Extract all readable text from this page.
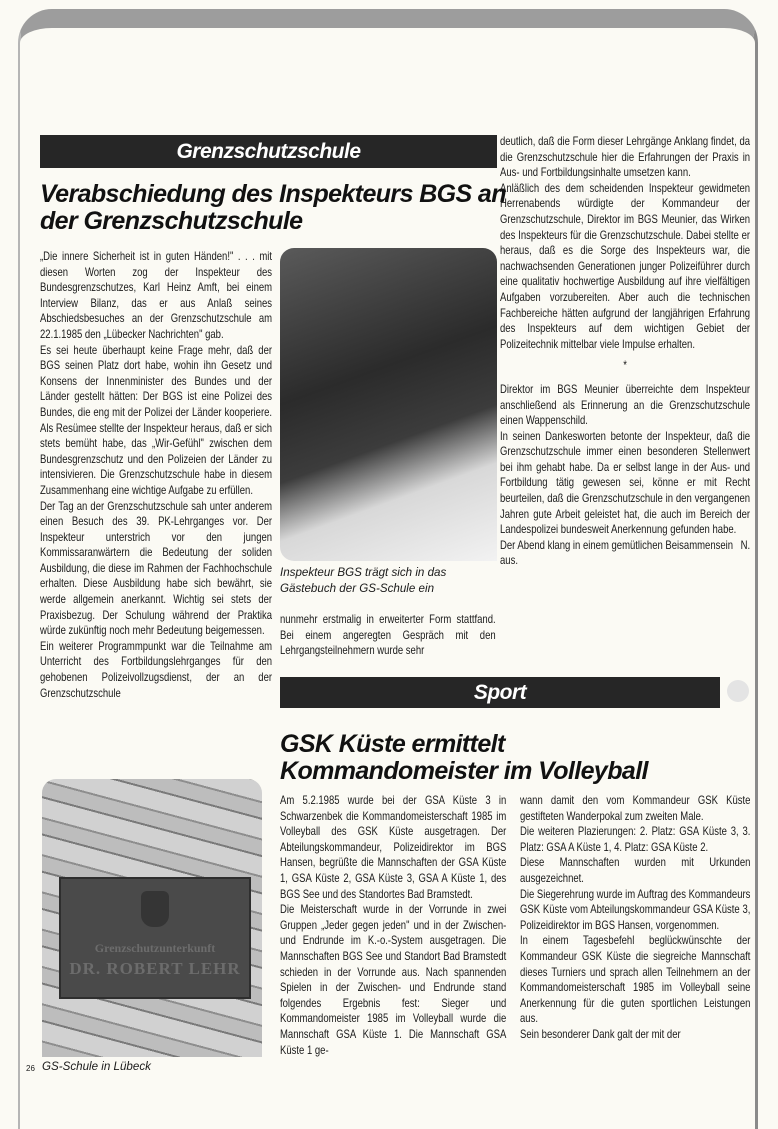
Grenzschutzschule
Verabschiedung des Inspekteurs BGS an der Grenzschutzschule

„Die innere Sicherheit ist in guten Händen!" . . . mit diesen Worten zog der Inspekteur des Bundesgrenzschutzes, Karl Heinz Amft, bei einem Interview Bilanz, das er aus Anlaß seines Abschiedsbesuches an der Grenzschutzschule am 22.1.1985 den „Lübecker Nachrichten" gab.

Es sei heute überhaupt keine Frage mehr, daß der BGS seinen Platz dort habe, wohin ihn Gesetz und Konsens der Innenminister des Bundes und der Länder gestellt hätten: Der BGS ist eine Polizei des Bundes, die eng mit der Polizei der Länder kooperiere. Als Resümee stellte der Inspekteur heraus, daß er sich stets bemüht habe, das „Wir-Gefühl" zwischen dem Bundesgrenzschutz und den Polizeien der Länder zu intensivieren. Die Grenzschutzschule habe in diesem Zusammenhang eine wichtige Aufgabe zu erfüllen.

Der Tag an der Grenzschutzschule sah unter anderem einen Besuch des 39. PK-Lehrganges vor. Der Inspekteur unterstrich vor den jungen Kommissaranwärtern die Bedeutung der soliden Ausbildung, die diese im Rahmen der Fachhochschule erhalten. Diese Ausbildung habe sich bewährt, sie werde allgemein anerkannt. Wichtig sei stets der Praxisbezug. Der Schulung während der Praktika würde zukünftig noch mehr Bedeutung beigemessen.

Ein weiterer Programmpunkt war die Teilnahme am Unterricht des Fortbildungslehrganges für den gehobenen Polizeivollzugsdienst, der an der Grenzschutzschule

Inspekteur BGS trägt sich in das Gästebuch der GS-Schule ein

nunmehr erstmalig in erweiterter Form stattfand. Bei einem angeregten Gespräch mit den Lehrgangsteilnehmern wurde sehr

deutlich, daß die Form dieser Lehrgänge Anklang findet, da die Grenzschutzschule hier die Erfahrungen der Praxis in Aus- und Fortbildungsinhalte umsetzen kann.

Anläßlich des dem scheidenden Inspekteur gewidmeten Herrenabends würdigte der Kommandeur der Grenzschutzschule, Direktor im BGS Meunier, das Wirken des Inspekteurs für die Grenzschutzschule. Dabei stellte er heraus, daß es die Sorge des Inspekteurs war, die nachwachsenden Generationen junger Polizeiführer durch eine qualitativ hochwertige Ausbildung auf ihre vielfältigen Aufgaben vorzubereiten. Aber auch die technischen Fachbereiche hätten aufgrund der langjährigen Erfahrung des Inspekteurs auf dem wichtigen Gebiet der Polizeitechnik mittelbar viele Impulse erhalten.

*

Direktor im BGS Meunier überreichte dem Inspekteur anschließend als Erinnerung an die Grenzschutzschule einen Wappenschild.

In seinen Dankesworten betonte der Inspekteur, daß die Grenzschutzschule immer einen besonderen Stellenwert bei ihm gehabt habe. Da er selbst lange in der Aus- und Fortbildung tätig gewesen sei, könne er mit Recht beurteilen, daß die Grenzschutzschule in den vergangenen Jahren gute Arbeit geleistet hat, die auch im Bereich der Landespolizei bundesweit Anerkennung gefunden habe.

Der Abend klang in einem gemütlichen Beisammensein aus.
N.

Sport
GSK Küste ermittelt
Kommandomeister im Volleyball
Grenzschutzunterkunft
DR. ROBERT LEHR
26 GS-Schule in Lübeck

Am 5.2.1985 wurde bei der GSA Küste 3 in Schwarzenbek die Kommandomeisterschaft 1985 im Volleyball des GSK Küste ausgetragen. Der Abteilungskommandeur, Polizeidirektor im BGS Hansen, begrüßte die Mannschaften der GSA Küste 1, GSA Küste 2, GSA Küste 3, GSA A Küste 1, des BGS See und des Standortes Bad Bramstedt.

Die Meisterschaft wurde in der Vorrunde in zwei Gruppen „Jeder gegen jeden" und in der Zwischen- und Endrunde im K.-o.-System ausgetragen. Die Mannschaften BGS See und Standort Bad Bramstedt schieden in der Vorrunde aus. Nach spannenden Spielen in der Zwischen- und Endrunde stand folgendes Ergebnis fest: Sieger und Kommandomeister 1985 im Volleyball wurde die Mannschaft GSA Küste 1. Die Mannschaft GSA Küste 1 ge-

wann damit den vom Kommandeur GSK Küste gestifteten Wanderpokal zum zweiten Male.

Die weiteren Plazierungen: 2. Platz: GSA Küste 3, 3. Platz: GSA A Küste 1, 4. Platz: GSA Küste 2.

Diese Mannschaften wurden mit Urkunden ausgezeichnet.

Die Siegerehrung wurde im Auftrag des Kommandeurs GSK Küste vom Abteilungskommandeur GSA Küste 3, Polizeidirektor im BGS Hansen, vorgenommen.

In einem Tagesbefehl beglückwünschte der Kommandeur GSK Küste die siegreiche Mannschaft dieses Turniers und sprach allen Teilnehmern an der Kommandomeisterschaft 1985 im Volleyball seine Anerkennung für die guten sportlichen Leistungen aus.

Sein besonderer Dank galt der mit der
